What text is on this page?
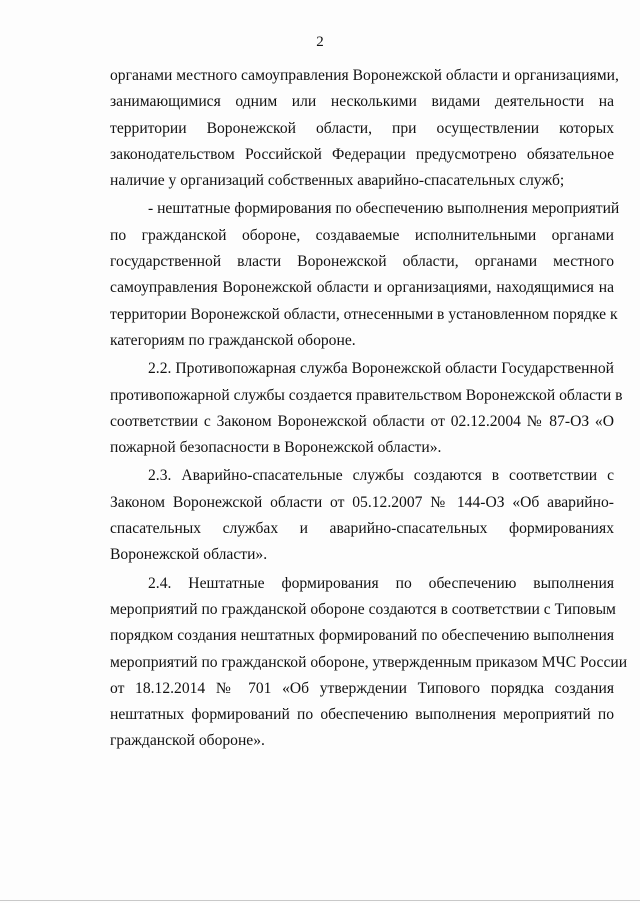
2

органами местного самоуправления Воронежской области и организациями,
занимающимися одним или несколькими видами деятельности на
территории Воронежской области, при осуществлении которых
законодательством Российской Федерации предусмотрено обязательное
наличие у организаций собственных аварийно-спасательных служб;

- нештатные формирования по обеспечению выполнения мероприятий
по гражданской обороне, создаваемые исполнительными органами
государственной власти Воронежской области, органами местного
самоуправления Воронежской области и организациями, находящимися на
территории Воронежской области, отнесенными в установленном порядке к
категориям по гражданской обороне.

2.2. Противопожарная служба Воронежской области Государственной
противопожарной службы создается правительством Воронежской области в
соответствии с Законом Воронежской области от 02.12.2004 № 87-ОЗ «О
пожарной безопасности в Воронежской области».

2.3. Аварийно-спасательные службы создаются в соответствии с
Законом Воронежской области от 05.12.2007 № 144-ОЗ «Об аварийно-
спасательных службах и аварийно-спасательных формированиях
Воронежской области».

2.4. Нештатные формирования по обеспечению выполнения
мероприятий по гражданской обороне создаются в соответствии с Типовым
порядком создания нештатных формирований по обеспечению выполнения
мероприятий по гражданской обороне, утвержденным приказом МЧС России
от 18.12.2014 № 701 «Об утверждении Типового порядка создания
нештатных формирований по обеспечению выполнения мероприятий по
гражданской обороне».
